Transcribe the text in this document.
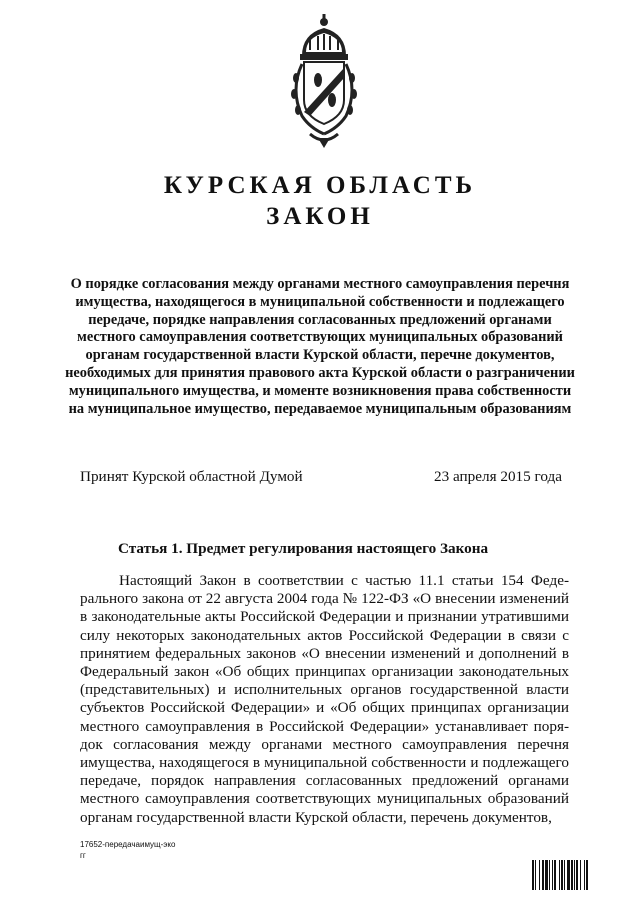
КУРСКАЯ ОБЛАСТЬ
ЗАКОН
О порядке согласования между органами местного самоуправления перечня имущества, находящегося в муниципальной собственности и подлежащего передаче, порядке направления согласованных предложений органами местного самоуправления соответствующих муниципальных образований органам государственной власти Курской области, перечне документов, необходимых для принятия правового акта Курской области о разграничении муниципального имущества, и моменте возникновения права собственности на муниципальное имущество, передаваемое муниципальным образованиям
Принят Курской областной Думой	23 апреля 2015 года
Статья 1. Предмет регулирования настоящего Закона

Настоящий Закон в соответствии с частью 11.1 статьи 154 Федерального закона от 22 августа 2004 года № 122-ФЗ «О внесении изменений в законодательные акты Российской Федерации и признании утратившими силу некоторых законодательных актов Российской Федерации в связи с принятием федеральных законов «О внесении изменений и дополнений в Федеральный закон «Об общих принципах организации законодательных (представительных) и исполнительных органов государственной власти субъектов Российской Федерации» и «Об общих принципах организации местного самоуправления в Российской Федерации» устанавливает порядок согласования между органами местного самоуправления перечня имущества, находящегося в муниципальной собственности и подлежащего передаче, порядок направления согласованных предложений органами местного самоуправления соответствующих муниципальных образований органам государственной власти Курской области, перечень документов,

17652-передачаимущ-эко
гг
